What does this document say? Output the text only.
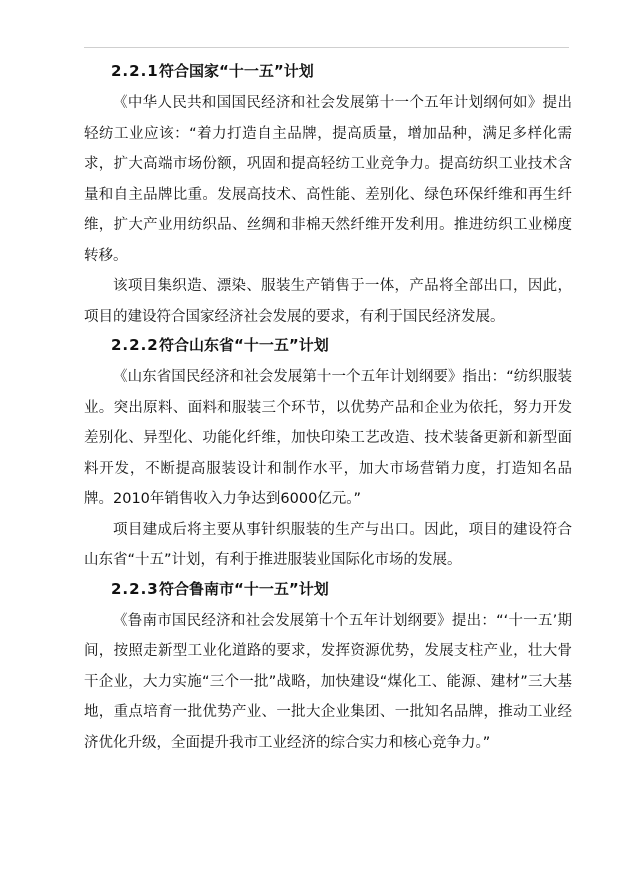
2.2.1符合国家“十一五”计划

《中华人民共和国国民经济和社会发展第十一个五年计划纲何如》提出轻纺工业应该：“着力打造自主品牌，提高质量，增加品种，满足多样化需求，扩大高端市场份额，巩固和提高轻纺工业竞争力。提高纺织工业技术含量和自主品牌比重。发展高技术、高性能、差别化、绿色环保纤维和再生纤维，扩大产业用纺织品、丝绸和非棉天然纤维开发利用。推进纺织工业梯度转移。

该项目集织造、漂染、服装生产销售于一体，产品将全部出口，因此，项目的建设符合国家经济社会发展的要求，有利于国民经济发展。

2.2.2符合山东省“十一五”计划

《山东省国民经济和社会发展第十一个五年计划纲要》指出：“纺织服装业。突出原料、面料和服装三个环节，以优势产品和企业为依托，努力开发差别化、异型化、功能化纤维，加快印染工艺改造、技术装备更新和新型面料开发，不断提高服装设计和制作水平，加大市场营销力度，打造知名品牌。2010年销售收入力争达到6000亿元。”

项目建成后将主要从事针织服装的生产与出口。因此，项目的建设符合山东省“十五”计划，有利于推进服装业国际化市场的发展。

2.2.3符合鲁南市“十一五”计划

《鲁南市国民经济和社会发展第十个五年计划纲要》提出：“‘十一五’期间，按照走新型工业化道路的要求，发挥资源优势，发展支柱产业，壮大骨干企业，大力实施“三个一批”战略，加快建设“煤化工、能源、建材”三大基地，重点培育一批优势产业、一批大企业集团、一批知名品牌，推动工业经济优化升级，全面提升我市工业经济的综合实力和核心竞争力。”
